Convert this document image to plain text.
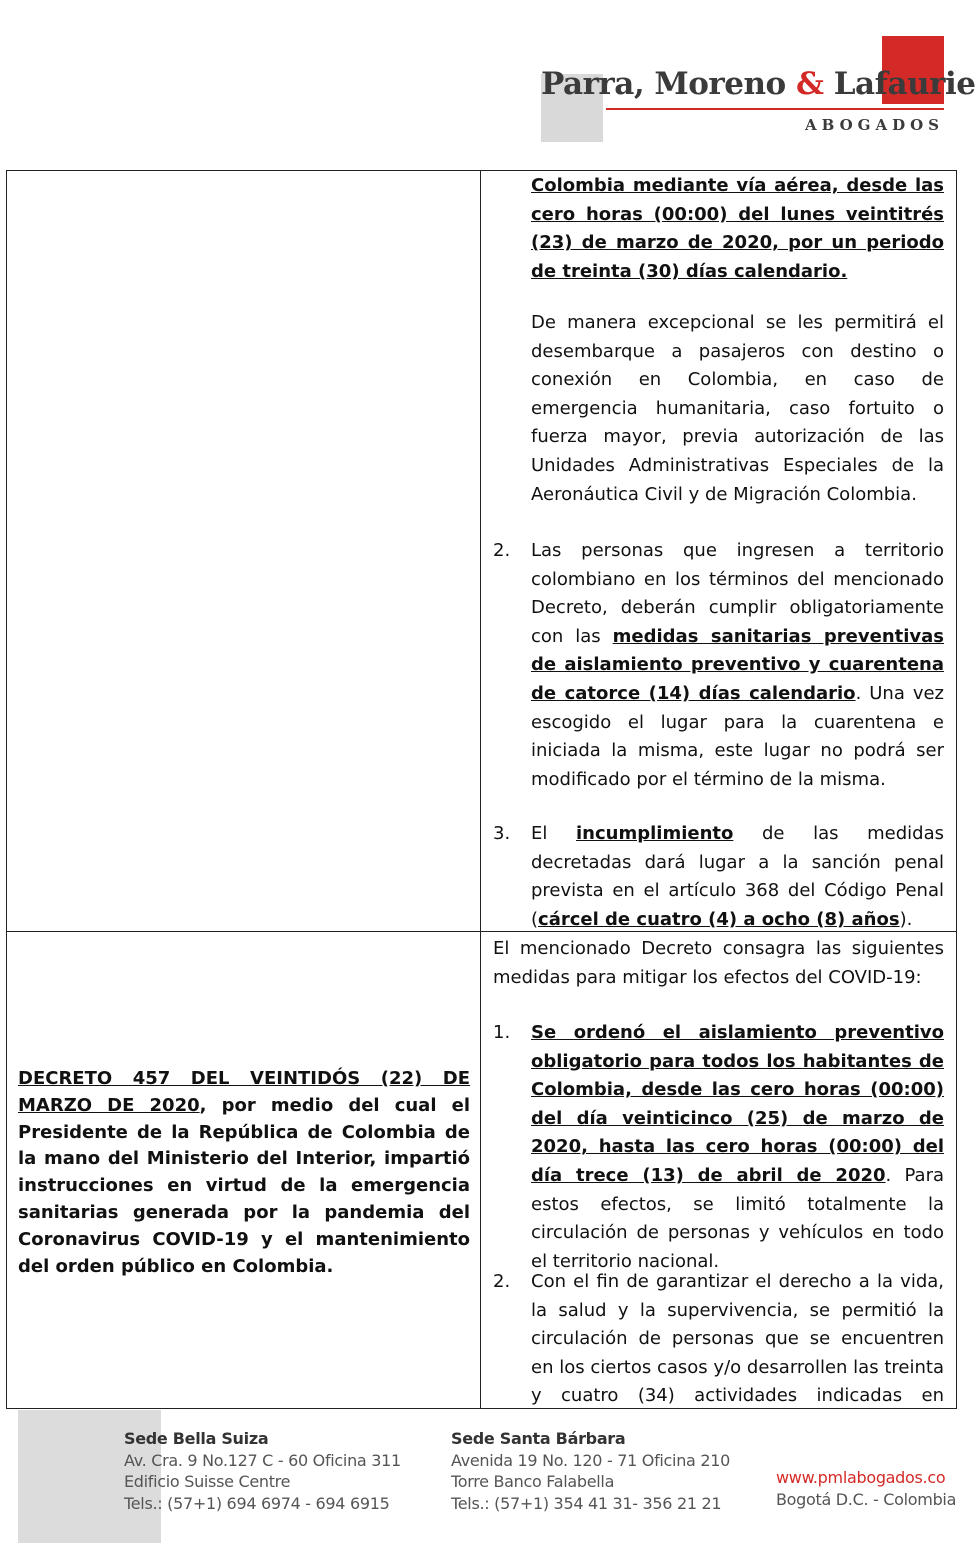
Parra, Moreno & Lafaurie
ABOGADOS
Colombia mediante vía aérea, desde las cero horas (00:00) del lunes veintitrés (23) de marzo de 2020, por un periodo de treinta (30) días calendario.
De manera excepcional se les permitirá el desembarque a pasajeros con destino o conexión en Colombia, en caso de emergencia humanitaria, caso fortuito o fuerza mayor, previa autorización de las Unidades Administrativas Especiales de la Aeronáutica Civil y de Migración Colombia.
2. Las personas que ingresen a territorio colombiano en los términos del mencionado Decreto, deberán cumplir obligatoriamente con las medidas sanitarias preventivas de aislamiento preventivo y cuarentena de catorce (14) días calendario. Una vez escogido el lugar para la cuarentena e iniciada la misma, este lugar no podrá ser modificado por el término de la misma.
3. El incumplimiento de las medidas decretadas dará lugar a la sanción penal prevista en el artículo 368 del Código Penal (cárcel de cuatro (4) a ocho (8) años).
DECRETO 457 DEL VEINTIDÓS (22) DE MARZO DE 2020, por medio del cual el Presidente de la República de Colombia de la mano del Ministerio del Interior, impartió instrucciones en virtud de la emergencia sanitarias generada por la pandemia del Coronavirus COVID-19 y el mantenimiento del orden público en Colombia.
El mencionado Decreto consagra las siguientes medidas para mitigar los efectos del COVID-19:
1. Se ordenó el aislamiento preventivo obligatorio para todos los habitantes de Colombia, desde las cero horas (00:00) del día veinticinco (25) de marzo de 2020, hasta las cero horas (00:00) del día trece (13) de abril de 2020. Para estos efectos, se limitó totalmente la circulación de personas y vehículos en todo el territorio nacional.
2. Con el fin de garantizar el derecho a la vida, la salud y la supervivencia, se permitió la circulación de personas que se encuentren en los ciertos casos y/o desarrollen las treinta y cuatro (34) actividades indicadas en
Sede Bella Suiza
Av. Cra. 9 No.127 C - 60 Oficina 311
Edificio Suisse Centre
Tels.: (57+1) 694 6974 - 694 6915
Sede Santa Bárbara
Avenida 19 No. 120 - 71 Oficina 210
Torre Banco Falabella
Tels.: (57+1) 354 41 31- 356 21 21
www.pmlabogados.co
Bogotá D.C. - Colombia
